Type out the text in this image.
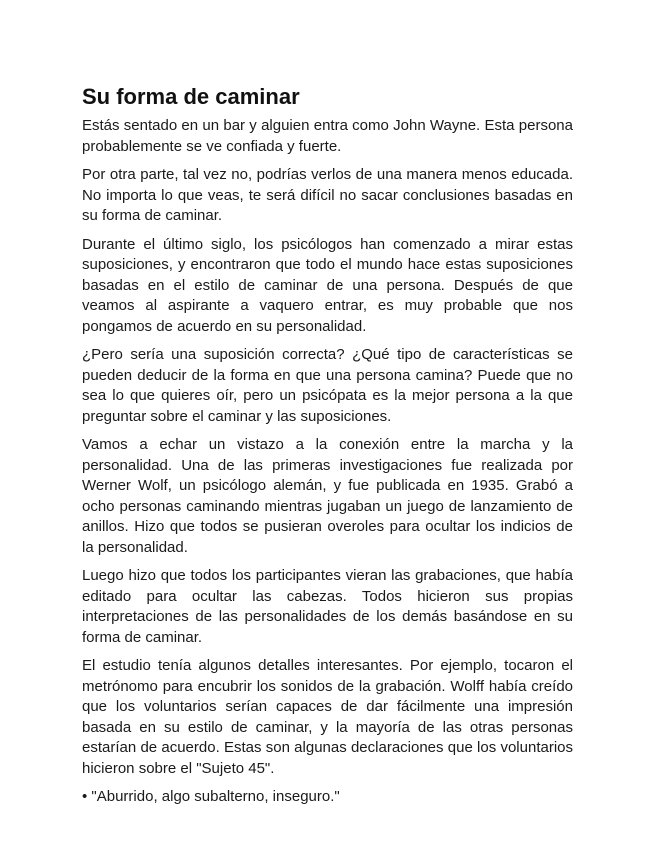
Su forma de caminar

Estás sentado en un bar y alguien entra como John Wayne. Esta persona probablemente se ve confiada y fuerte.

Por otra parte, tal vez no, podrías verlos de una manera menos educada. No importa lo que veas, te será difícil no sacar conclusiones basadas en su forma de caminar.

Durante el último siglo, los psicólogos han comenzado a mirar estas suposiciones, y encontraron que todo el mundo hace estas suposiciones basadas en el estilo de caminar de una persona. Después de que veamos al aspirante a vaquero entrar, es muy probable que nos pongamos de acuerdo en su personalidad.

¿Pero sería una suposición correcta? ¿Qué tipo de características se pueden deducir de la forma en que una persona camina? Puede que no sea lo que quieres oír, pero un psicópata es la mejor persona a la que preguntar sobre el caminar y las suposiciones.

Vamos a echar un vistazo a la conexión entre la marcha y la personalidad. Una de las primeras investigaciones fue realizada por Werner Wolf, un psicólogo alemán, y fue publicada en 1935. Grabó a ocho personas caminando mientras jugaban un juego de lanzamiento de anillos. Hizo que todos se pusieran overoles para ocultar los indicios de la personalidad.

Luego hizo que todos los participantes vieran las grabaciones, que había editado para ocultar las cabezas. Todos hicieron sus propias interpretaciones de las personalidades de los demás basándose en su forma de caminar.

El estudio tenía algunos detalles interesantes. Por ejemplo, tocaron el metrónomo para encubrir los sonidos de la grabación. Wolff había creído que los voluntarios serían capaces de dar fácilmente una impresión basada en su estilo de caminar, y la mayoría de las otras personas estarían de acuerdo. Estas son algunas declaraciones que los voluntarios hicieron sobre el "Sujeto 45".

• "Aburrido, algo subalterno, inseguro."
